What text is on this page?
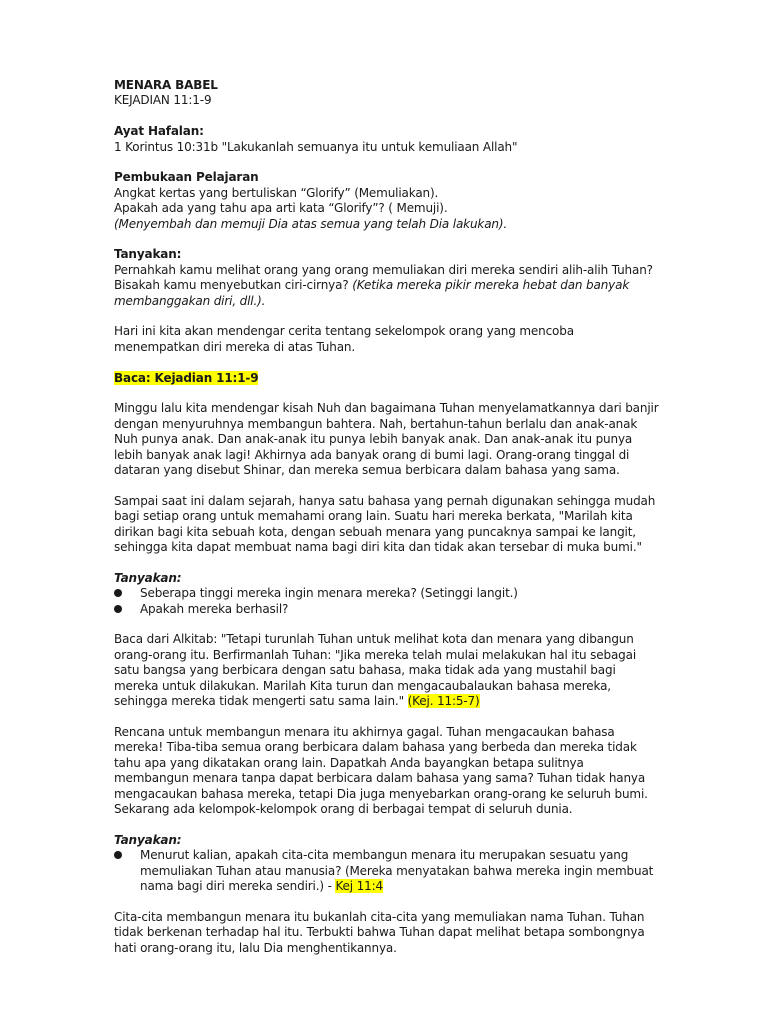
MENARA BABEL

KEJADIAN 11:1-9

Ayat Hafalan:

1 Korintus 10:31b "Lakukanlah semuanya itu untuk kemuliaan Allah"

Pembukaan Pelajaran

Angkat kertas yang bertuliskan “Glorify” (Memuliakan).

Apakah ada yang tahu apa arti kata “Glorify”? ( Memuji).

(Menyembah dan memuji Dia atas semua yang telah Dia lakukan).

Tanyakan:

Pernahkah kamu melihat orang yang orang memuliakan diri mereka sendiri alih-alih Tuhan?

Bisakah kamu menyebutkan ciri-cirnya? (Ketika mereka pikir mereka hebat dan banyak membanggakan diri, dll.).

Hari ini kita akan mendengar cerita tentang sekelompok orang yang mencoba menempatkan diri mereka di atas Tuhan.

Baca: Kejadian 11:1-9

Minggu lalu kita mendengar kisah Nuh dan bagaimana Tuhan menyelamatkannya dari banjir dengan menyuruhnya membangun bahtera. Nah, bertahun-tahun berlalu dan anak-anak Nuh punya anak. Dan anak-anak itu punya lebih banyak anak. Dan anak-anak itu punya lebih banyak anak lagi! Akhirnya ada banyak orang di bumi lagi. Orang-orang tinggal di dataran yang disebut Shinar, dan mereka semua berbicara dalam bahasa yang sama.

Sampai saat ini dalam sejarah, hanya satu bahasa yang pernah digunakan sehingga mudah bagi setiap orang untuk memahami orang lain. Suatu hari mereka berkata, "Marilah kita dirikan bagi kita sebuah kota, dengan sebuah menara yang puncaknya sampai ke langit, sehingga kita dapat membuat nama bagi diri kita dan tidak akan tersebar di muka bumi."

Tanyakan:

Seberapa tinggi mereka ingin menara mereka? (Setinggi langit.)
Apakah mereka berhasil?

Baca dari Alkitab: "Tetapi turunlah Tuhan untuk melihat kota dan menara yang dibangun orang-orang itu. Berfirmanlah Tuhan: "Jika mereka telah mulai melakukan hal itu sebagai satu bangsa yang berbicara dengan satu bahasa, maka tidak ada yang mustahil bagi mereka untuk dilakukan. Marilah Kita turun dan mengacaubalaukan bahasa mereka, sehingga mereka tidak mengerti satu sama lain." (Kej. 11:5-7)

Rencana untuk membangun menara itu akhirnya gagal. Tuhan mengacaukan bahasa mereka! Tiba-tiba semua orang berbicara dalam bahasa yang berbeda dan mereka tidak tahu apa yang dikatakan orang lain. Dapatkah Anda bayangkan betapa sulitnya membangun menara tanpa dapat berbicara dalam bahasa yang sama? Tuhan tidak hanya mengacaukan bahasa mereka, tetapi Dia juga menyebarkan orang-orang ke seluruh bumi. Sekarang ada kelompok-kelompok orang di berbagai tempat di seluruh dunia.

Tanyakan:

Menurut kalian, apakah cita-cita membangun menara itu merupakan sesuatu yang memuliakan Tuhan atau manusia? (Mereka menyatakan bahwa mereka ingin membuat nama bagi diri mereka sendiri.) - Kej 11:4

Cita-cita membangun menara itu bukanlah cita-cita yang memuliakan nama Tuhan. Tuhan tidak berkenan terhadap hal itu. Terbukti bahwa Tuhan dapat melihat betapa sombongnya hati orang-orang itu, lalu Dia menghentikannya.
